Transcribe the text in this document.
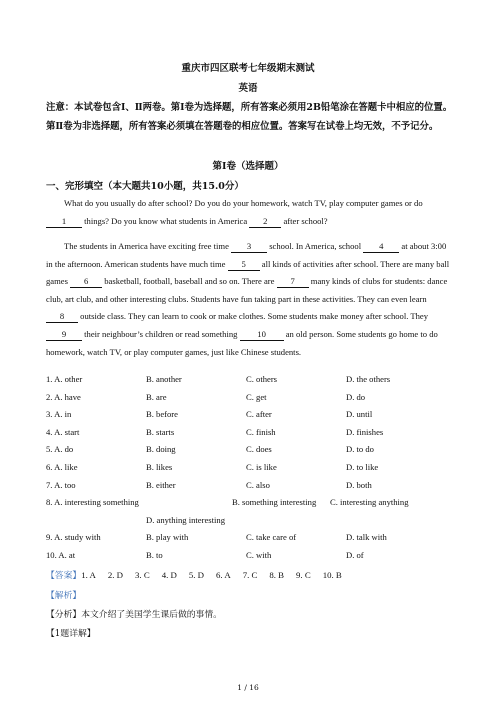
重庆市四区联考七年级期末测试
英语
注意：本试卷包含Ⅰ、Ⅱ两卷。第Ⅰ卷为选择题，所有答案必须用2B铅笔涂在答题卡中相应的位置。第Ⅱ卷为非选择题，所有答案必须填在答题卷的相应位置。答案写在试卷上均无效，不予记分。
第Ⅰ卷（选择题）
一、完形填空（本大题共10小题，共15.0分）
What do you usually do after school? Do you do your homework, watch TV, play computer games or do 1 things? Do you know what students in America 2 after school?
The students in America have exciting free time 3 school. In America, school 4 at about 3:00 in the afternoon. American students have much time 5 all kinds of activities after school. There are many ball games 6 basketball, football, baseball and so on. There are 7 many kinds of clubs for students: dance club, art club, and other interesting clubs. Students have fun taking part in these activities. They can even learn 8 outside class. They can learn to cook or make clothes. Some students make money after school. They 9 their neighbour’s children or read something 10 an old person. Some students go home to do homework, watch TV, or play computer games, just like Chinese students.
1. A. other	B. another	C. others	D. the others
2. A. have	B. are	C. get	D. do
3. A. in	B. before	C. after	D. until
4. A. start	B. starts	C. finish	D. finishes
5. A. do	B. doing	C. does	D. to do
6. A. like	B. likes	C. is like	D. to like
7. A. too	B. either	C. also	D. both
8. A. interesting something	B. something interesting C. interesting anything
D. anything interesting
9. A. study with	B. play with	C. take care of	D. talk with
10. A. at	B. to	C. with	D. of
【答案】1. A 2. D 3. C 4. D 5. D 6. A 7. C 8. B 9. C 10. B
【解析】
【分析】本文介绍了美国学生课后做的事情。
【1题详解】
1 / 16
